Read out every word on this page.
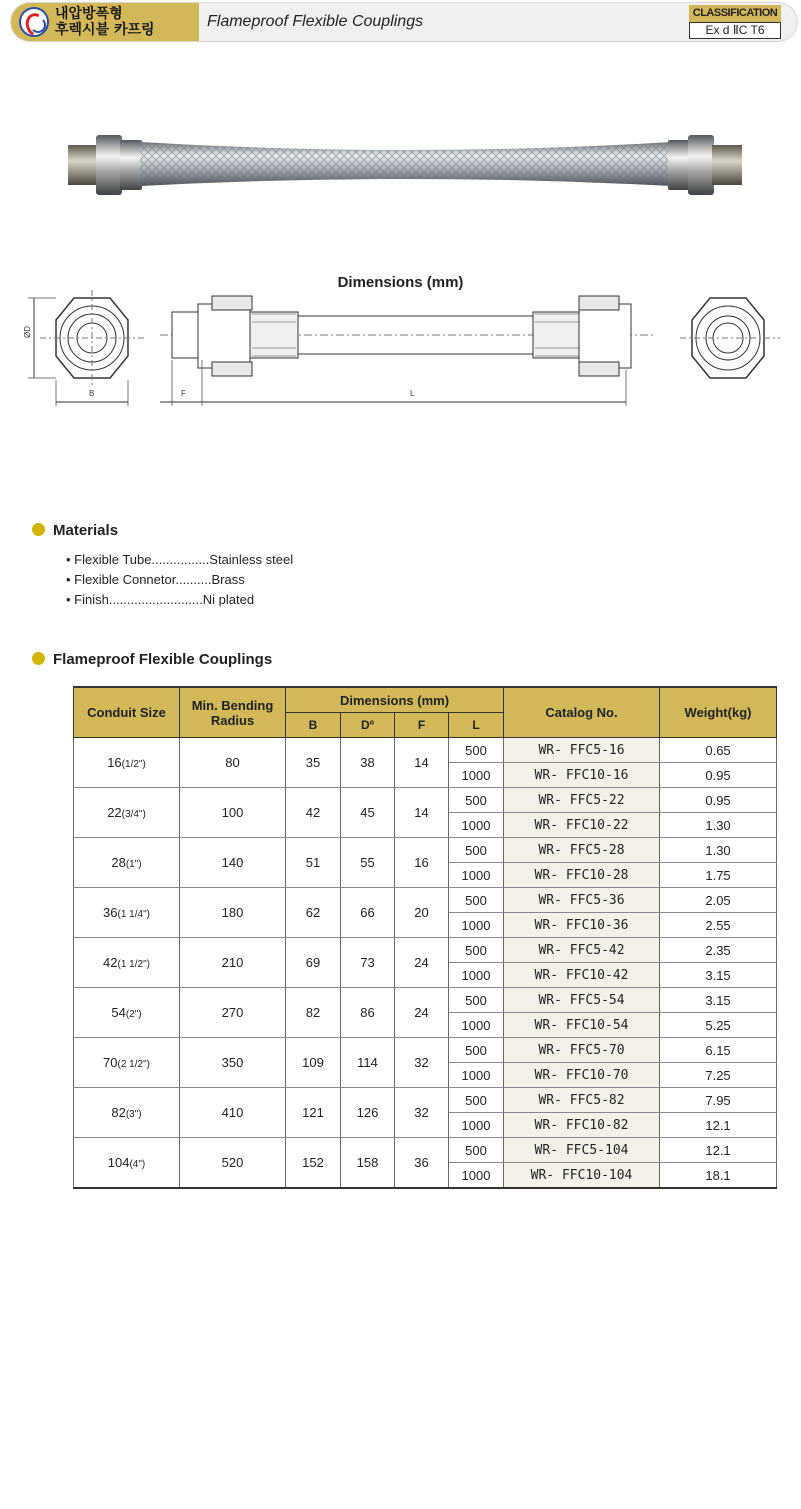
내압방폭형
후렉시블 카프링	Flameproof Flexible Couplings	CLASSIFICATION
Ex d ⅡC T6
Dimensions (mm)
ØD
B	F	L
Materials
• Flexible Tube................Stainless steel
• Flexible Connetor..........Brass
• Finish..........................Ni plated
Flameproof Flexible Couplings
Conduit Size	Min. Bending
Radius	Dimensions (mm)				Catalog No.	Weight(kg)
		B	Dº	F	L		
16(1/2")	80	35	38	14	500	WR- FFC5-16	0.65
					1000	WR- FFC10-16	0.95
22(3/4")	100	42	45	14	500	WR- FFC5-22	0.95
					1000	WR- FFC10-22	1.30
28(1")	140	51	55	16	500	WR- FFC5-28	1.30
					1000	WR- FFC10-28	1.75
36(1 1/4")	180	62	66	20	500	WR- FFC5-36	2.05
					1000	WR- FFC10-36	2.55
42(1 1/2")	210	69	73	24	500	WR- FFC5-42	2.35
					1000	WR- FFC10-42	3.15
54(2")	270	82	86	24	500	WR- FFC5-54	3.15
					1000	WR- FFC10-54	5.25
70(2 1/2")	350	109	114	32	500	WR- FFC5-70	6.15
					1000	WR- FFC10-70	7.25
82(3")	410	121	126	32	500	WR- FFC5-82	7.95
					1000	WR- FFC10-82	12.1
104(4")	520	152	158	36	500	WR- FFC5-104	12.1
					1000	WR- FFC10-104	18.1
